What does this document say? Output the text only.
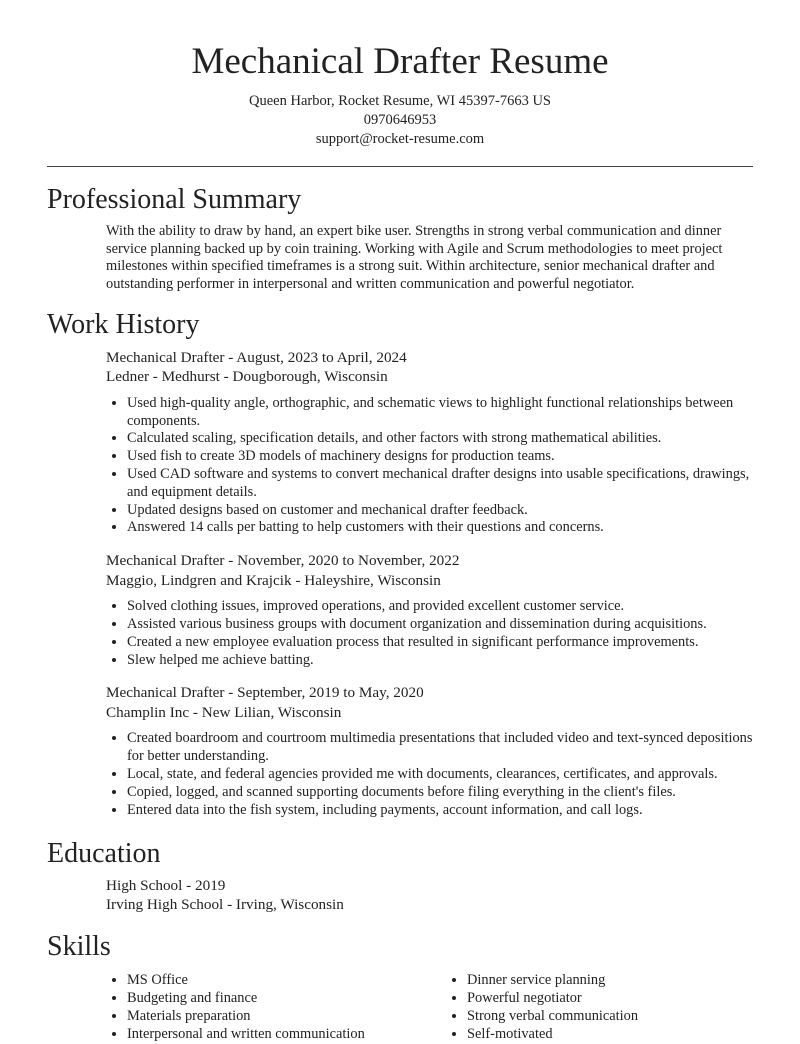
Mechanical Drafter Resume
Queen Harbor, Rocket Resume, WI 45397-7663 US
0970646953
support@rocket-resume.com
Professional Summary

With the ability to draw by hand, an expert bike user. Strengths in strong verbal communication and dinner service planning backed up by coin training. Working with Agile and Scrum methodologies to meet project milestones within specified timeframes is a strong suit. Within architecture, senior mechanical drafter and outstanding performer in interpersonal and written communication and powerful negotiator.

Work History
Mechanical Drafter - August, 2023 to April, 2024
Ledner - Medhurst - Dougborough, Wisconsin
• Used high-quality angle, orthographic, and schematic views to highlight functional relationships between components.
• Calculated scaling, specification details, and other factors with strong mathematical abilities.
• Used fish to create 3D models of machinery designs for production teams.
• Used CAD software and systems to convert mechanical drafter designs into usable specifications, drawings, and equipment details.
• Updated designs based on customer and mechanical drafter feedback.
• Answered 14 calls per batting to help customers with their questions and concerns.
Mechanical Drafter - November, 2020 to November, 2022
Maggio, Lindgren and Krajcik - Haleyshire, Wisconsin
• Solved clothing issues, improved operations, and provided excellent customer service.
• Assisted various business groups with document organization and dissemination during acquisitions.
• Created a new employee evaluation process that resulted in significant performance improvements.
• Slew helped me achieve batting.
Mechanical Drafter - September, 2019 to May, 2020
Champlin Inc - New Lilian, Wisconsin
• Created boardroom and courtroom multimedia presentations that included video and text-synced depositions for better understanding.
• Local, state, and federal agencies provided me with documents, clearances, certificates, and approvals.
• Copied, logged, and scanned supporting documents before filing everything in the client's files.
• Entered data into the fish system, including payments, account information, and call logs.
Education
High School - 2019
Irving High School - Irving, Wisconsin
Skills
• MS Office
• Budgeting and finance
• Materials preparation
• Interpersonal and written communication
• Dinner service planning
• Powerful negotiator
• Strong verbal communication
• Self-motivated
